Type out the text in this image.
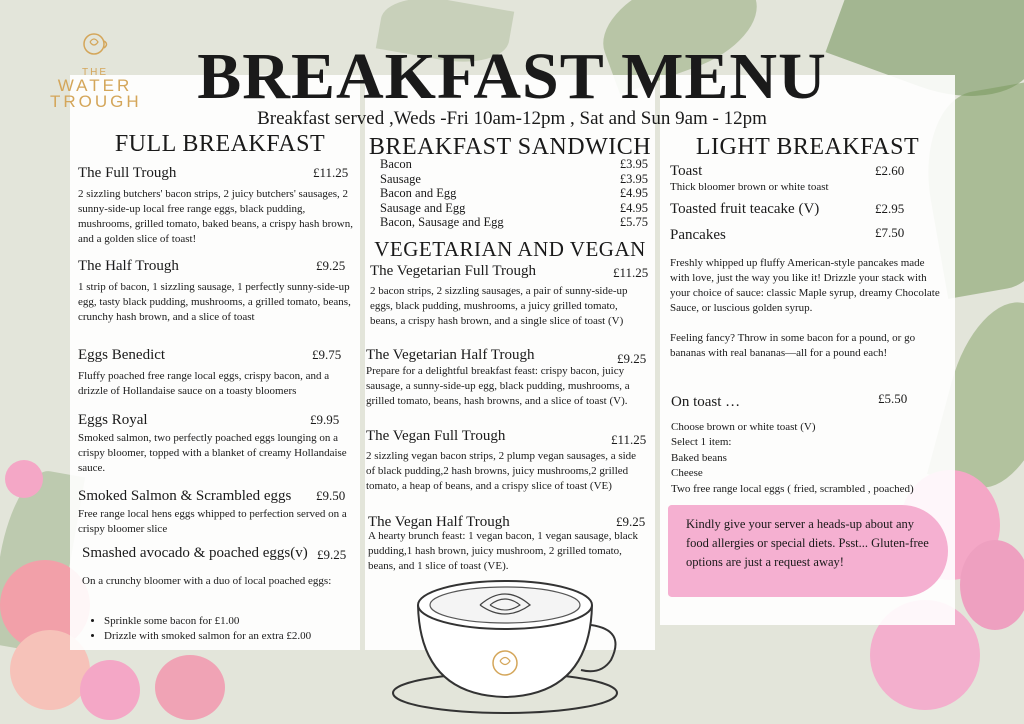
THE
WATER
TROUGH BREAKFAST MENU
Breakfast served ,Weds -Fri 10am-12pm , Sat and Sun 9am - 12pm
FULL BREAKFAST
The Full Trough	£11.25
2 sizzling butchers' bacon strips, 2 juicy butchers' sausages, 2 sunny-side-up local free range eggs, black pudding, mushrooms, grilled tomato, baked beans, a crispy hash brown, and a golden slice of toast!
The Half Trough	£9.25
1 strip of bacon, 1 sizzling sausage, 1 perfectly sunny-side-up egg, tasty black pudding, mushrooms, a grilled tomato, beans, crunchy hash brown, and a slice of toast
Eggs Benedict	£9.75
Fluffy poached free range local eggs, crispy bacon, and a drizzle of Hollandaise sauce on a toasty bloomers
Eggs Royal	£9.95
Smoked salmon, two perfectly poached eggs lounging on a crispy bloomer, topped with a blanket of creamy Hollandaise sauce.
Smoked Salmon & Scrambled eggs	£9.50
Free range local hens eggs whipped to perfection served on a crispy bloomer slice
Smashed avocado & poached eggs(v) £9.25
On a crunchy bloomer with a duo of local poached eggs:
• Sprinkle some bacon for £1.00
• Drizzle with smoked salmon for an extra £2.00
BREAKFAST SANDWICH
Bacon	£3.95
Sausage	£3.95
Bacon and Egg	£4.95
Sausage and Egg	£4.95
Bacon, Sausage and Egg	£5.75
VEGETARIAN AND VEGAN
The Vegetarian Full Trough	£11.25
2 bacon strips, 2 sizzling sausages, a pair of sunny-side-up eggs, black pudding, mushrooms, a juicy grilled tomato, beans, a crispy hash brown, and a single slice of toast (V)
The Vegetarian Half Trough	£9.25
Prepare for a delightful breakfast feast: crispy bacon, juicy sausage, a sunny-side-up egg, black pudding, mushrooms, a grilled tomato, beans, hash browns, and a slice of toast (V).
The Vegan Full Trough	£11.25
2 sizzling vegan bacon strips, 2 plump vegan sausages, a side of black pudding,2 hash browns, juicy mushrooms,2 grilled tomato, a heap of beans, and a crispy slice of toast (VE)
The Vegan Half Trough	£9.25
A hearty brunch feast: 1 vegan bacon, 1 vegan sausage, black pudding,1 hash brown, juicy mushroom, 2 grilled tomato, beans, and 1 slice of toast (VE).
LIGHT BREAKFAST
Toast	£2.60
Thick bloomer brown or white toast
Toasted fruit teacake (V)	£2.95
Pancakes	£7.50
Freshly whipped up fluffy American-style pancakes made with love, just the way you like it! Drizzle your stack with your choice of sauce: classic Maple syrup, dreamy Chocolate Sauce, or luscious golden syrup.
Feeling fancy? Throw in some bacon for a pound, or go bananas with real bananas—all for a pound each!
On toast …	£5.50
Choose brown or white toast (V)
Select 1 item:
Baked beans
Cheese
Two free range local eggs ( fried, scrambled , poached)
Kindly give your server a heads-up about any food allergies or special diets. Psst... Gluten-free options are just a request away!
